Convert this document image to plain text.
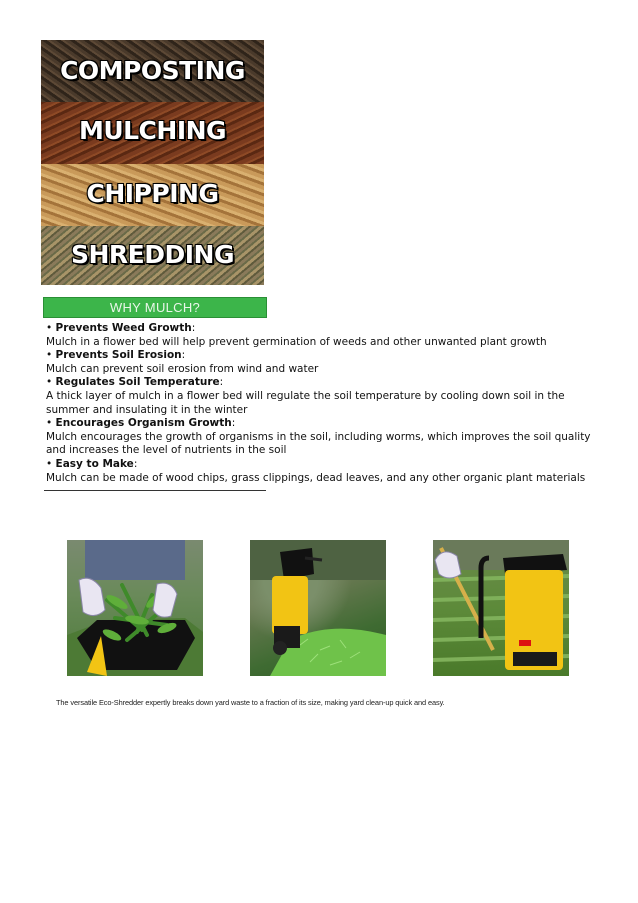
COMPOSTING
MULCHING
CHIPPING
SHREDDING
WHY MULCH?

• Prevents Weed Growth:

Mulch in a flower bed will help prevent germination of weeds and other unwanted plant growth

• Prevents Soil Erosion:

Mulch can prevent soil erosion from wind and water

• Regulates Soil Temperature:

A thick layer of mulch in a flower bed will regulate the soil temperature by cooling down soil in the summer and insulating it in the winter

• Encourages Organism Growth:

Mulch encourages the growth of organisms in the soil, including worms, which improves the soil quality and increases the level of nutrients in the soil

• Easy to Make:

Mulch can be made of wood chips, grass clippings, dead leaves, and any other organic plant materials

The versatile Eco-Shredder expertly breaks down yard waste to a fraction of its size, making yard clean-up quick and easy.
